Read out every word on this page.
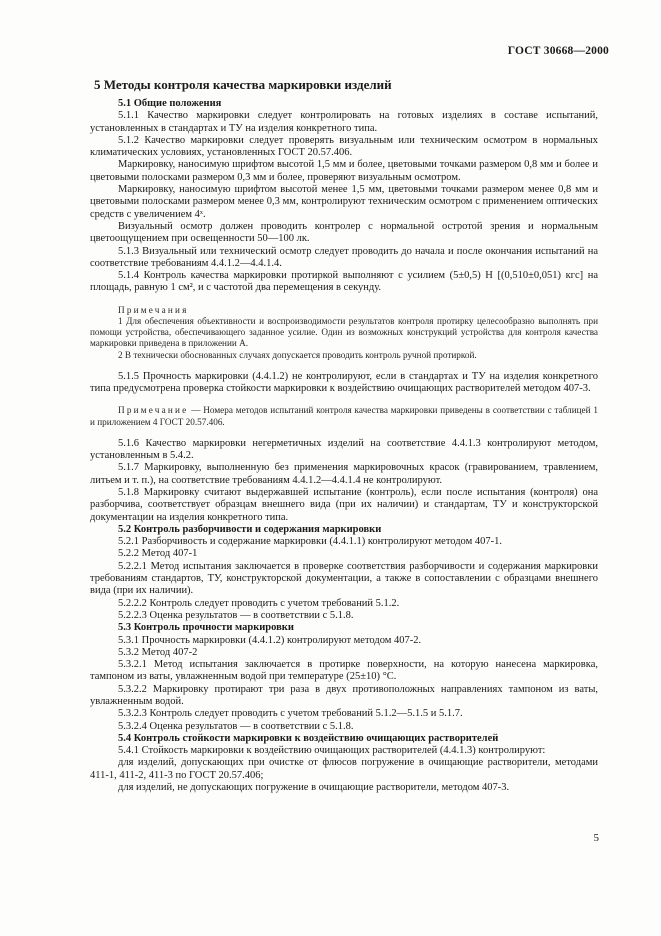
ГОСТ 30668—2000
5 Методы контроля качества маркировки изделий

5.1 Общие положения

5.1.1 Качество маркировки следует контролировать на готовых изделиях в составе испытаний, установленных в стандартах и ТУ на изделия конкретного типа.

5.1.2 Качество маркировки следует проверять визуальным или техническим осмотром в нормальных климатических условиях, установленных ГОСТ 20.57.406.

Маркировку, наносимую шрифтом высотой 1,5 мм и более, цветовыми точками размером 0,8 мм и более и цветовыми полосками размером 0,3 мм и более, проверяют визуальным осмотром.

Маркировку, наносимую шрифтом высотой менее 1,5 мм, цветовыми точками размером менее 0,8 мм и цветовыми полосками размером менее 0,3 мм, контролируют техническим осмотром с применением оптических средств с увеличением 4ˣ.

Визуальный осмотр должен проводить контролер с нормальной остротой зрения и нормальным цветоощущением при освещенности 50—100 лк.

5.1.3 Визуальный или технический осмотр следует проводить до начала и после окончания испытаний на соответствие требованиям 4.4.1.2—4.4.1.4.

5.1.4 Контроль качества маркировки протиркой выполняют с усилием (5±0,5) Н [(0,510±0,051) кгс] на площадь, равную 1 см², и с частотой два перемещения в секунду.

Примечания

1 Для обеспечения объективности и воспроизводимости результатов контроля протирку целесообразно выполнять при помощи устройства, обеспечивающего заданное усилие. Один из возможных конструкций устройства для контроля качества маркировки приведена в приложении А.

2 В технически обоснованных случаях допускается проводить контроль ручной протиркой.

5.1.5 Прочность маркировки (4.4.1.2) не контролируют, если в стандартах и ТУ на изделия конкретного типа предусмотрена проверка стойкости маркировки к воздействию очищающих растворителей методом 407-3.

Примечание — Номера методов испытаний контроля качества маркировки приведены в соответствии с таблицей 1 и приложением 4 ГОСТ 20.57.406.

5.1.6 Качество маркировки негерметичных изделий на соответствие 4.4.1.3 контролируют методом, установленным в 5.4.2.

5.1.7 Маркировку, выполненную без применения маркировочных красок (гравированием, травлением, литьем и т. п.), на соответствие требованиям 4.4.1.2—4.4.1.4 не контролируют.

5.1.8 Маркировку считают выдержавшей испытание (контроль), если после испытания (контроля) она разборчива, соответствует образцам внешнего вида (при их наличии) и стандартам, ТУ и конструкторской документации на изделия конкретного типа.

5.2 Контроль разборчивости и содержания маркировки

5.2.1 Разборчивость и содержание маркировки (4.4.1.1) контролируют методом 407-1.

5.2.2 Метод 407-1

5.2.2.1 Метод испытания заключается в проверке соответствия разборчивости и содержания маркировки требованиям стандартов, ТУ, конструкторской документации, а также в сопоставлении с образцами внешнего вида (при их наличии).

5.2.2.2 Контроль следует проводить с учетом требований 5.1.2.

5.2.2.3 Оценка результатов — в соответствии с 5.1.8.

5.3 Контроль прочности маркировки

5.3.1 Прочность маркировки (4.4.1.2) контролируют методом 407-2.

5.3.2 Метод 407-2

5.3.2.1 Метод испытания заключается в протирке поверхности, на которую нанесена маркировка, тампоном из ваты, увлажненным водой при температуре (25±10) °С.

5.3.2.2 Маркировку протирают три раза в двух противоположных направлениях тампоном из ваты, увлажненным водой.

5.3.2.3 Контроль следует проводить с учетом требований 5.1.2—5.1.5 и 5.1.7.

5.3.2.4 Оценка результатов — в соответствии с 5.1.8.

5.4 Контроль стойкости маркировки к воздействию очищающих растворителей

5.4.1 Стойкость маркировки к воздействию очищающих растворителей (4.4.1.3) контролируют:

для изделий, допускающих при очистке от флюсов погружение в очищающие растворители, методами 411-1, 411-2, 411-3 по ГОСТ 20.57.406;

для изделий, не допускающих погружение в очищающие растворители, методом 407-3.

5
